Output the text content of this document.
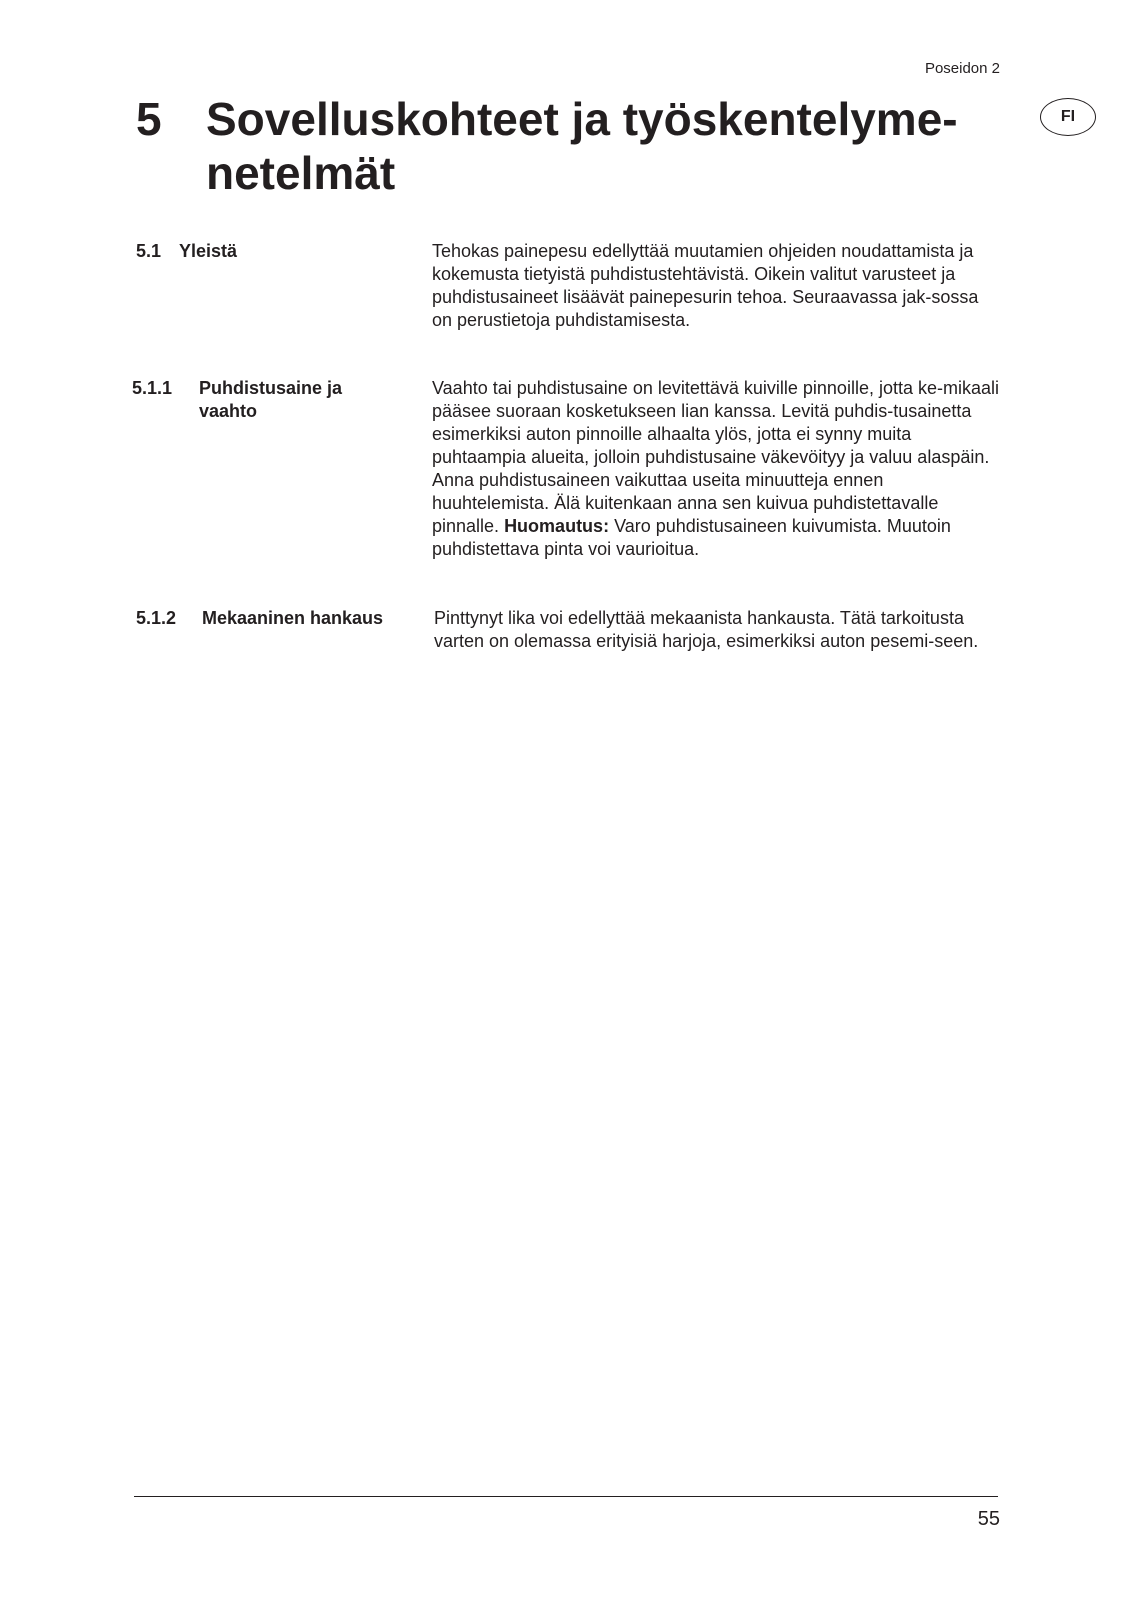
Poseidon 2
FI
5 Sovelluskohteet ja työskentelyme-netelmät
5.1 Yleistä	Tehokas painepesu edellyttää muutamien ohjeiden noudattamista ja kokemusta tietyistä puhdistustehtävistä. Oikein valitut varusteet ja puhdistusaineet lisäävät painepesurin tehoa. Seuraavassa jak-sossa on perustietoja puhdistamisesta.
5.1.1 Puhdistusaine ja vaahto
Vaahto tai puhdistusaine on levitettävä kuiville pinnoille, jotta ke-mikaali pääsee suoraan kosketukseen lian kanssa. Levitä puhdis-tusainetta esimerkiksi auton pinnoille alhaalta ylös, jotta ei synny muita puhtaampia alueita, jolloin puhdistusaine väkevöityy ja valuu alaspäin. Anna puhdistusaineen vaikuttaa useita minuutteja ennen huuhtelemista. Älä kuitenkaan anna sen kuivua puhdistettavalle pinnalle. Huomautus: Varo puhdistusaineen kuivumista. Muutoin puhdistettava pinta voi vaurioitua.
5.1.2 Mekaaninen hankaus	Pinttynyt lika voi edellyttää mekaanista hankausta. Tätä tarkoitusta varten on olemassa erityisiä harjoja, esimerkiksi auton pesemi-seen.
55
